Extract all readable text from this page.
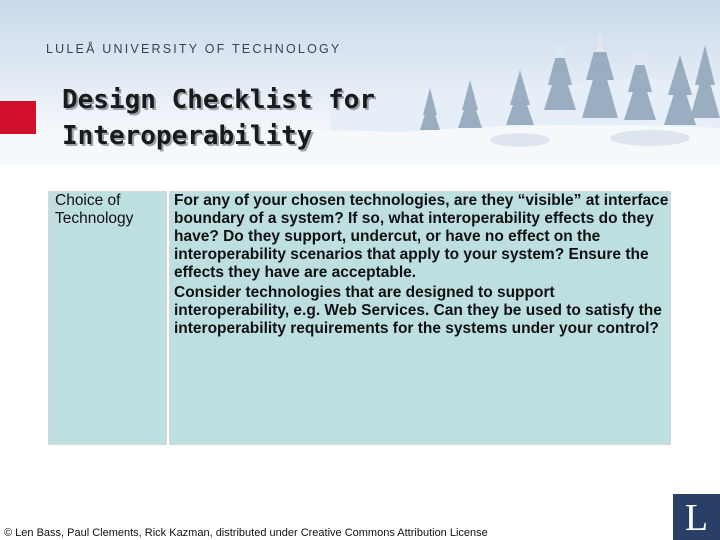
LULEÅ UNIVERSITY OF TECHNOLOGY
Design Checklist for
Interoperability
Choice of
Technology

For any of your chosen technologies, are they “visible” at interface boundary of a system? If so, what interoperability effects do they have? Do they support, undercut, or have no effect on the interoperability scenarios that apply to your system? Ensure the effects they have are acceptable.

Consider technologies that are designed to support interoperability, e.g. Web Services. Can they be used to satisfy the interoperability requirements for the systems under your control?

© Len Bass, Paul Clements, Rick Kazman, distributed under Creative Commons Attribution License	L
